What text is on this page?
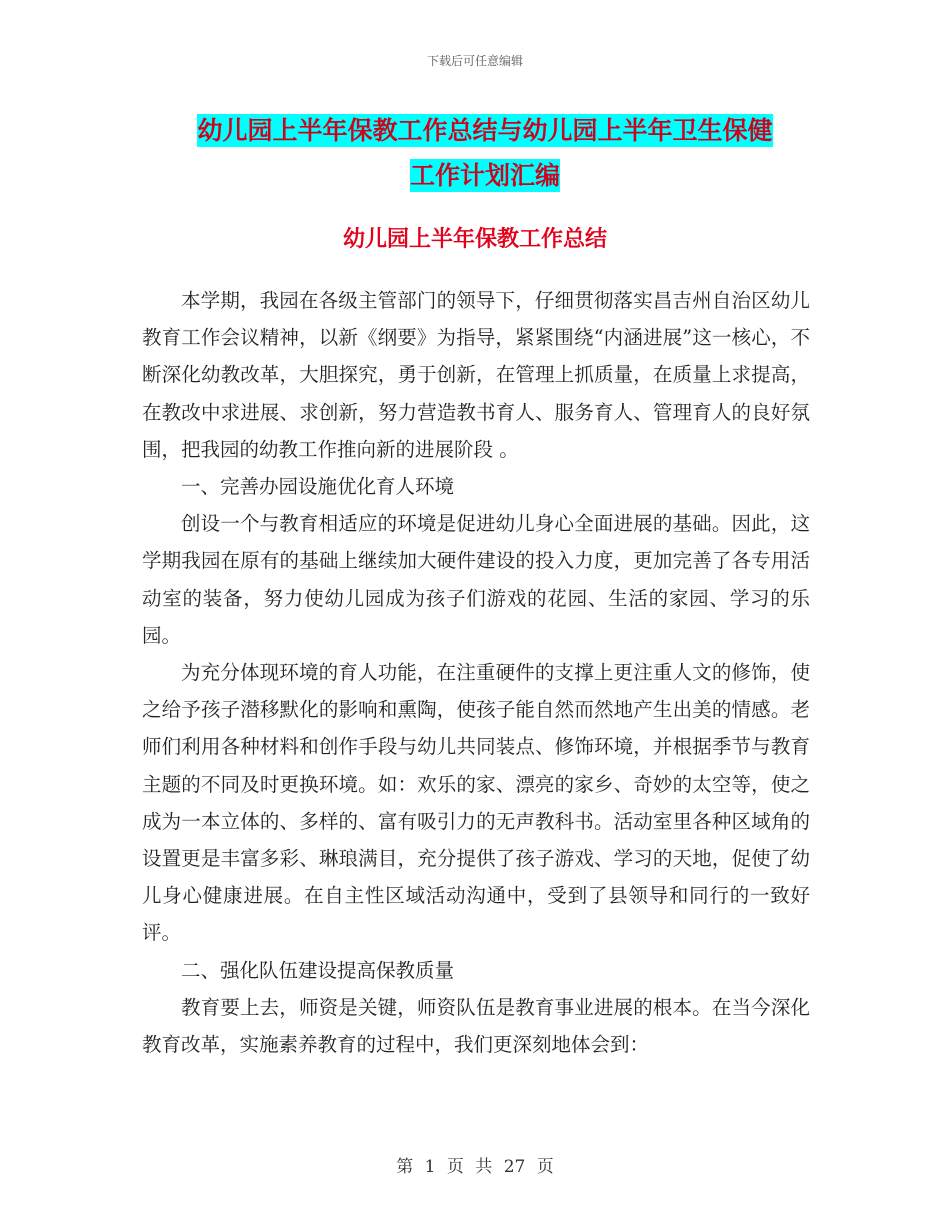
下载后可任意编辑
幼儿园上半年保教工作总结与幼儿园上半年卫生保健
工作计划汇编
幼儿园上半年保教工作总结

本学期，我园在各级主管部门的领导下，仔细贯彻落实昌吉州自治区幼儿教育工作会议精神，以新《纲要》为指导，紧紧围绕“内涵进展”这一核心，不断深化幼教改革，大胆探究，勇于创新，在管理上抓质量，在质量上求提高，在教改中求进展、求创新，努力营造教书育人、服务育人、管理育人的良好氛围，把我园的幼教工作推向新的进展阶段 。

一、完善办园设施优化育人环境

创设一个与教育相适应的环境是促进幼儿身心全面进展的基础。因此，这学期我园在原有的基础上继续加大硬件建设的投入力度，更加完善了各专用活动室的装备，努力使幼儿园成为孩子们游戏的花园、生活的家园、学习的乐园。

为充分体现环境的育人功能，在注重硬件的支撑上更注重人文的修饰，使之给予孩子潜移默化的影响和熏陶，使孩子能自然而然地产生出美的情感。老师们利用各种材料和创作手段与幼儿共同装点、修饰环境，并根据季节与教育主题的不同及时更换环境。如：欢乐的家、漂亮的家乡、奇妙的太空等，使之成为一本立体的、多样的、富有吸引力的无声教科书。活动室里各种区域角的设置更是丰富多彩、琳琅满目，充分提供了孩子游戏、学习的天地，促使了幼儿身心健康进展。在自主性区域活动沟通中，受到了县领导和同行的一致好评。

二、强化队伍建设提高保教质量

教育要上去，师资是关键，师资队伍是教育事业进展的根本。在当今深化教育改革，实施素养教育的过程中，我们更深刻地体会到：

第 1 页 共 27 页
